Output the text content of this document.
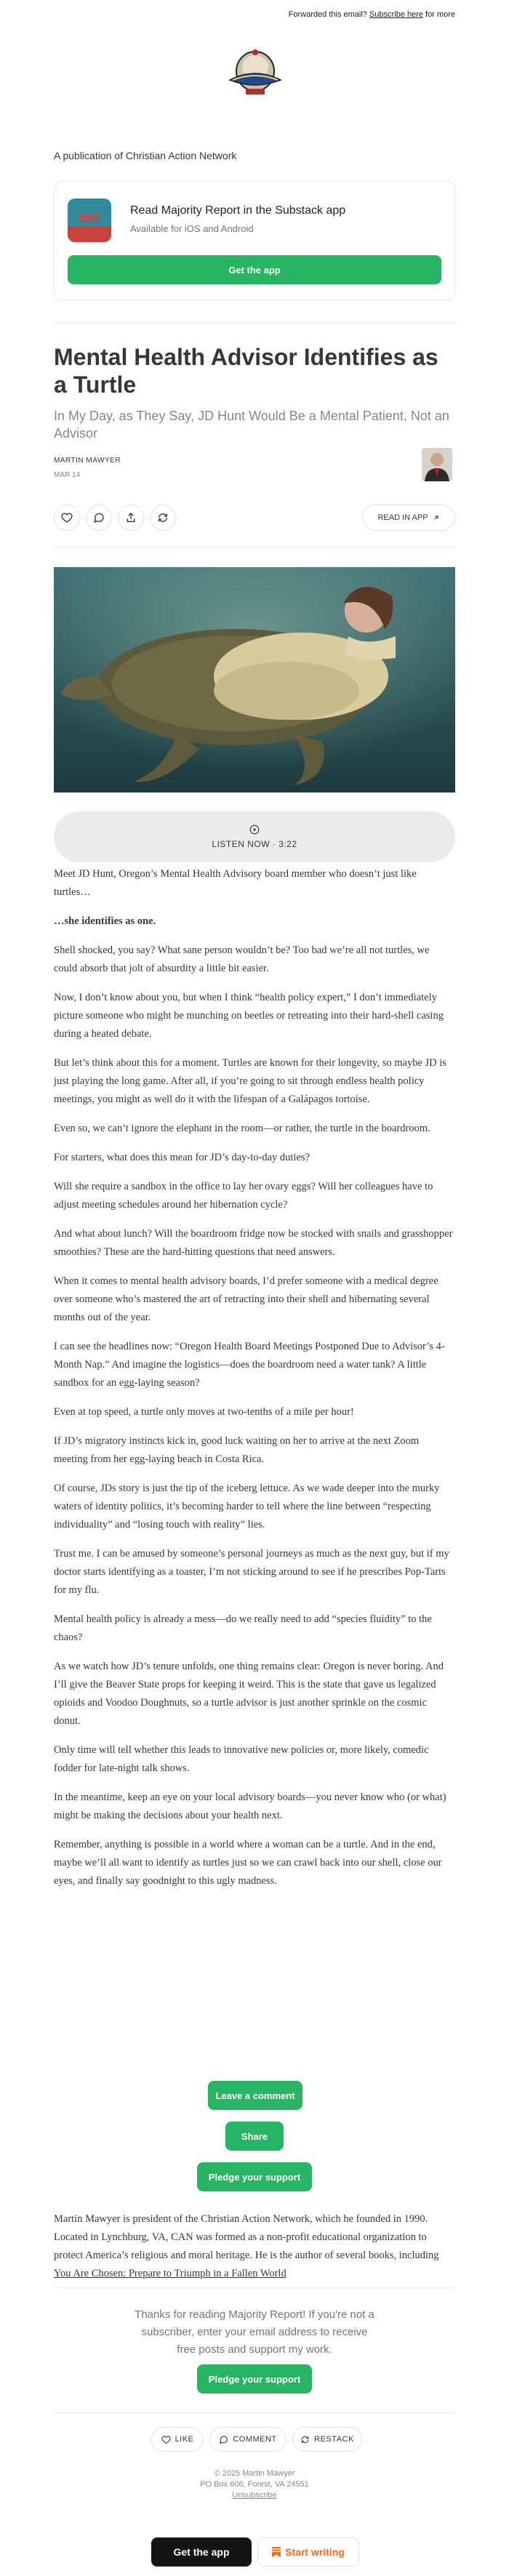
Forwarded this email? Subscribe here for more
A publication of Christian Action Network
MR
Read Majority Report in the Substack app
Available for iOS and Android
Get the app
Mental Health Advisor Identifies as a Turtle
In My Day, as They Say, JD Hunt Would Be a Mental Patient, Not an Advisor
MARTIN MAWYER
MAR 14
READ IN APP
LISTEN NOW · 3:22

Meet JD Hunt, Oregon’s Mental Health Advisory board member who doesn’t just like turtles…

…she identifies as one.

Shell shocked, you say? What sane person wouldn’t be? Too bad we’re all not turtles, we could absorb that jolt of absurdity a little bit easier.

Now, I don’t know about you, but when I think “health policy expert,” I don’t immediately picture someone who might be munching on beetles or retreating into their hard-shell casing during a heated debate.

But let’s think about this for a moment. Turtles are known for their longevity, so maybe JD is just playing the long game. After all, if you’re going to sit through endless health policy meetings, you might as well do it with the lifespan of a Galápagos tortoise.

Even so, we can’t ignore the elephant in the room—or rather, the turtle in the boardroom.

For starters, what does this mean for JD’s day-to-day duties?

Will she require a sandbox in the office to lay her ovary eggs? Will her colleagues have to adjust meeting schedules around her hibernation cycle?

And what about lunch? Will the boardroom fridge now be stocked with snails and grasshopper smoothies? These are the hard-hitting questions that need answers.

When it comes to mental health advisory boards, I’d prefer someone with a medical degree over someone who’s mastered the art of retracting into their shell and hibernating several months out of the year.

I can see the headlines now: “Oregon Health Board Meetings Postponed Due to Advisor’s 4-Month Nap.” And imagine the logistics—does the boardroom need a water tank? A little sandbox for an egg-laying season?

Even at top speed, a turtle only moves at two-tenths of a mile per hour!

If JD’s migratory instincts kick in, good luck waiting on her to arrive at the next Zoom meeting from her egg-laying beach in Costa Rica.

Of course, JDs story is just the tip of the iceberg lettuce. As we wade deeper into the murky waters of identity politics, it’s becoming harder to tell where the line between “respecting individuality” and “losing touch with reality” lies.

Trust me. I can be amused by someone’s personal journeys as much as the next guy, but if my doctor starts identifying as a toaster, I’m not sticking around to see if he prescribes Pop-Tarts for my flu.

Mental health policy is already a mess—do we really need to add “species fluidity” to the chaos?

As we watch how JD’s tenure unfolds, one thing remains clear: Oregon is never boring. And I’ll give the Beaver State props for keeping it weird. This is the state that gave us legalized opioids and Voodoo Doughnuts, so a turtle advisor is just another sprinkle on the cosmic donut.

Only time will tell whether this leads to innovative new policies or, more likely, comedic fodder for late-night talk shows.

In the meantime, keep an eye on your local advisory boards—you never know who (or what) might be making the decisions about your health next.

Remember, anything is possible in a world where a woman can be a turtle. And in the end, maybe we’ll all want to identify as turtles just so we can crawl back into our shell, close our eyes, and finally say goodnight to this ugly madness.

Leave a comment
Share
Pledge your support
Martin Mawyer is president of the Christian Action Network, which he founded in 1990. Located in Lynchburg, VA, CAN was formed as a non-profit educational organization to protect America’s religious and moral heritage. He is the author of several books, including You Are Chosen: Prepare to Triumph in a Fallen World
Thanks for reading Majority Report! If you're not a subscriber, enter your email address to receive free posts and support my work.
Pledge your support
LIKE	COMMENT	RESTACK
© 2025 Martin Mawyer
PO Box 606, Forest, VA 24551
Unsubscribe
Get the app	Start writing
